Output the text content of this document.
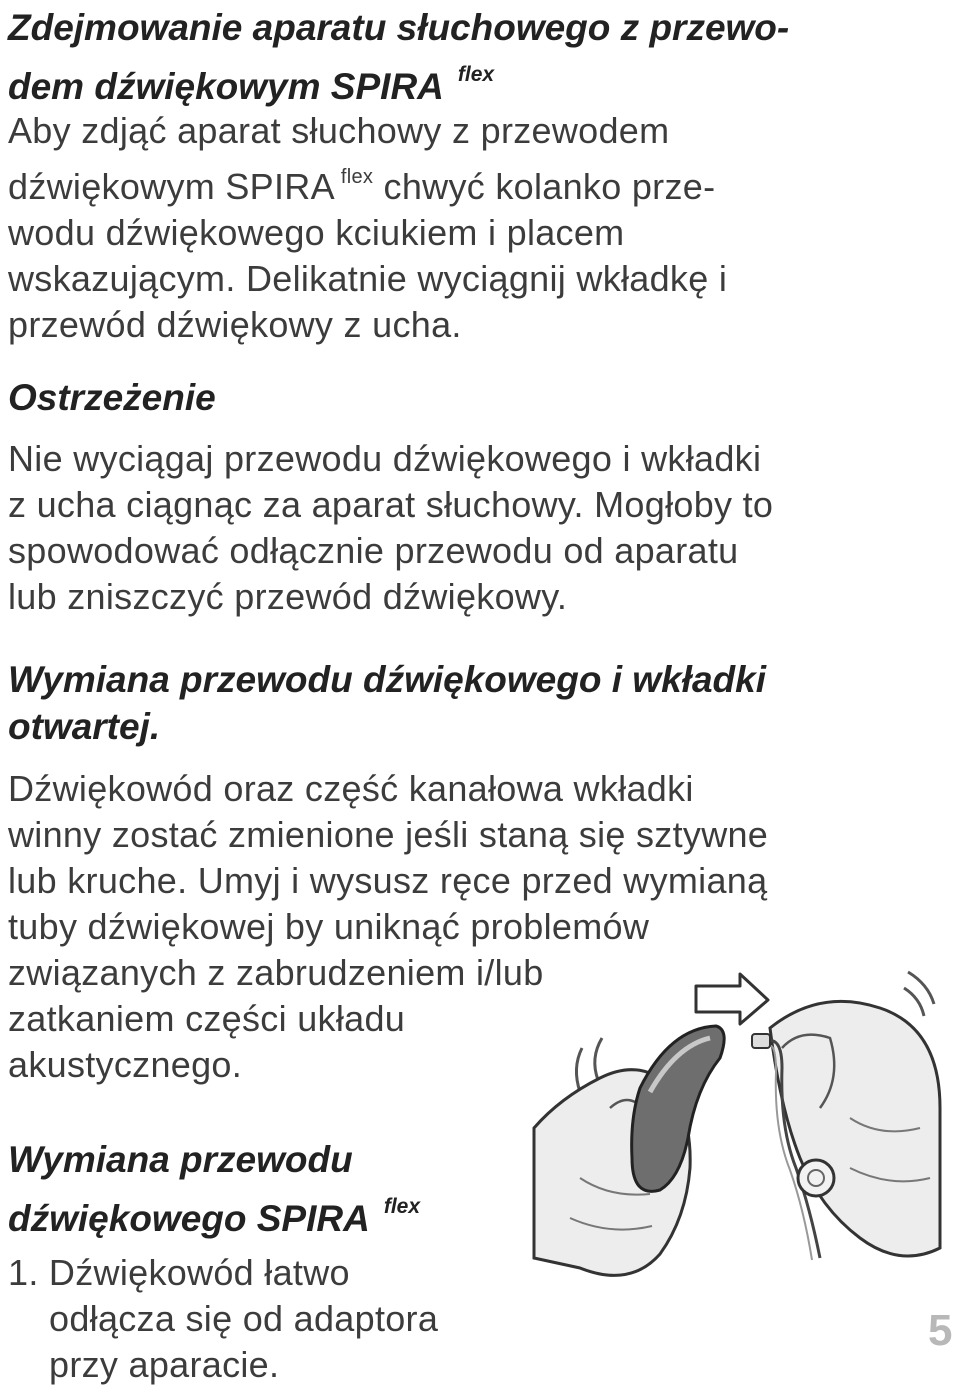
Zdejmowanie aparatu słuchowego z przewo-
dem dźwiękowym SPIRA $^{flex}$

Aby zdjąć aparat słuchowy z przewodem
dźwiękowym SPIRA $^{flex}$ chwyć kolanko prze-
wodu dźwiękowego kciukiem i placem
wskazującym. Delikatnie wyciągnij wkładkę i
przewód dźwiękowy z ucha.

Ostrzeżenie

Nie wyciągaj przewodu dźwiękowego i wkładki
z ucha ciągnąc za aparat słuchowy. Mogłoby to
spowodować odłącznie przewodu od aparatu
lub zniszczyć przewód dźwiękowy.

Wymiana przewodu dźwiękowego i wkładki
otwartej.

Dźwiękowód oraz część kanałowa wkładki
winny zostać zmienione jeśli staną się sztywne
lub kruche. Umyj i wysusz ręce przed wymianą
tuby dźwiękowej by uniknąć problemów
związanych z zabrudzeniem i/lub
zatkaniem części układu
akustycznego.

Wymiana przewodu
dźwiękowego SPIRA $^{flex}$

1. Dźwiękowód łatwo
odłącza się od adaptora
przy aparacie.

5
